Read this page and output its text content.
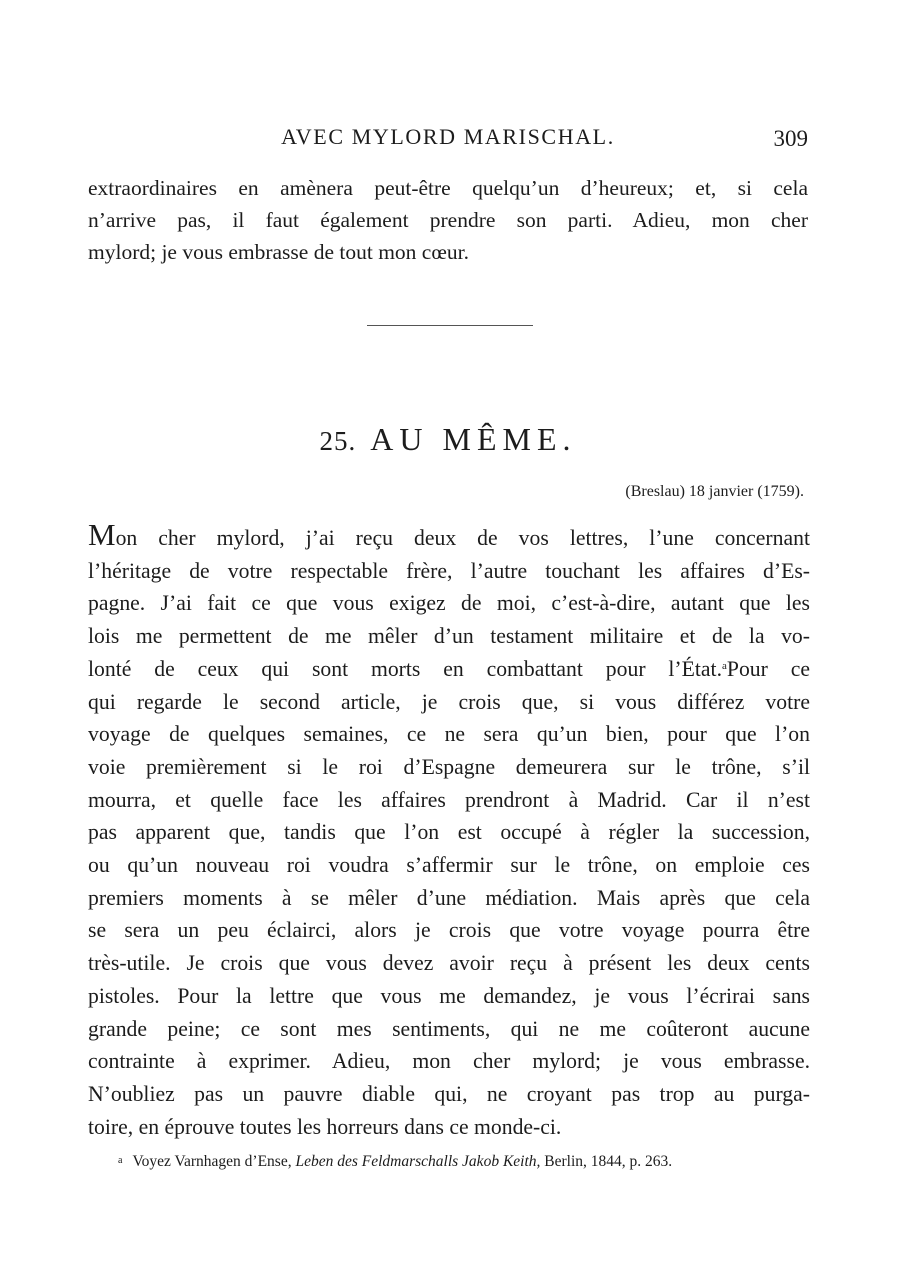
AVEC MYLORD MARISCHAL.	309
extraordinaires en amènera peut-être quelqu’un d’heureux; et, si cela
n’arrive pas, il faut également prendre son parti. Adieu, mon cher
mylord; je vous embrasse de tout mon cœur.
25. AU MÊME.
(Breslau) 18 janvier (1759).
Mon cher mylord, j’ai reçu deux de vos lettres, l’une concernant
l’héritage de votre respectable frère, l’autre touchant les affaires d’Es-
pagne. J’ai fait ce que vous exigez de moi, c’est-à-dire, autant que les
lois me permettent de me mêler d’un testament militaire et de la vo-
lonté de ceux qui sont morts en combattant pour l’État.$^a$Pour ce
qui regarde le second article, je crois que, si vous différez votre
voyage de quelques semaines, ce ne sera qu’un bien, pour que l’on
voie premièrement si le roi d’Espagne demeurera sur le trône, s’il
mourra, et quelle face les affaires prendront à Madrid. Car il n’est
pas apparent que, tandis que l’on est occupé à régler la succession,
ou qu’un nouveau roi voudra s’affermir sur le trône, on emploie ces
premiers moments à se mêler d’une médiation. Mais après que cela
se sera un peu éclairci, alors je crois que votre voyage pourra être
très-utile. Je crois que vous devez avoir reçu à présent les deux cents
pistoles. Pour la lettre que vous me demandez, je vous l’écrirai sans
grande peine; ce sont mes sentiments, qui ne me coûteront aucune
contrainte à exprimer. Adieu, mon cher mylord; je vous embrasse.
N’oubliez pas un pauvre diable qui, ne croyant pas trop au purga-
toire, en éprouve toutes les horreurs dans ce monde-ci.
a Voyez Varnhagen d’Ense, Leben des Feldmarschalls Jakob Keith, Berlin, 1844, p. 263.
